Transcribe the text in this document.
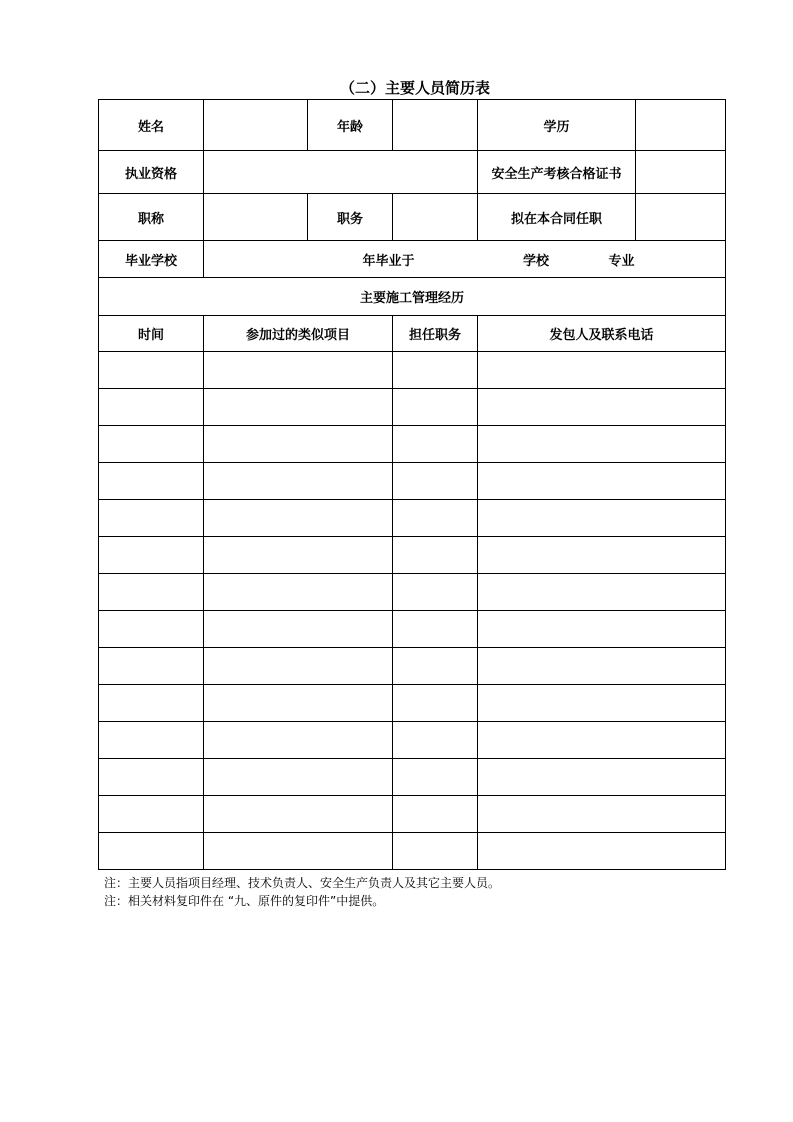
（二）主要人员简历表
姓名		年龄		学历	
执业资格				安全生产考核合格证书	
职称		职务		拟在本合同任职	
毕业学校	年毕业于 学校 专业				
主要施工管理经历					
时间	参加过的类似项目		担任职务	发包人及联系电话	

注：主要人员指项目经理、技术负责人、安全生产负责人及其它主要人员。
注：相关材料复印件在 “九、原件的复印件”中提供。
